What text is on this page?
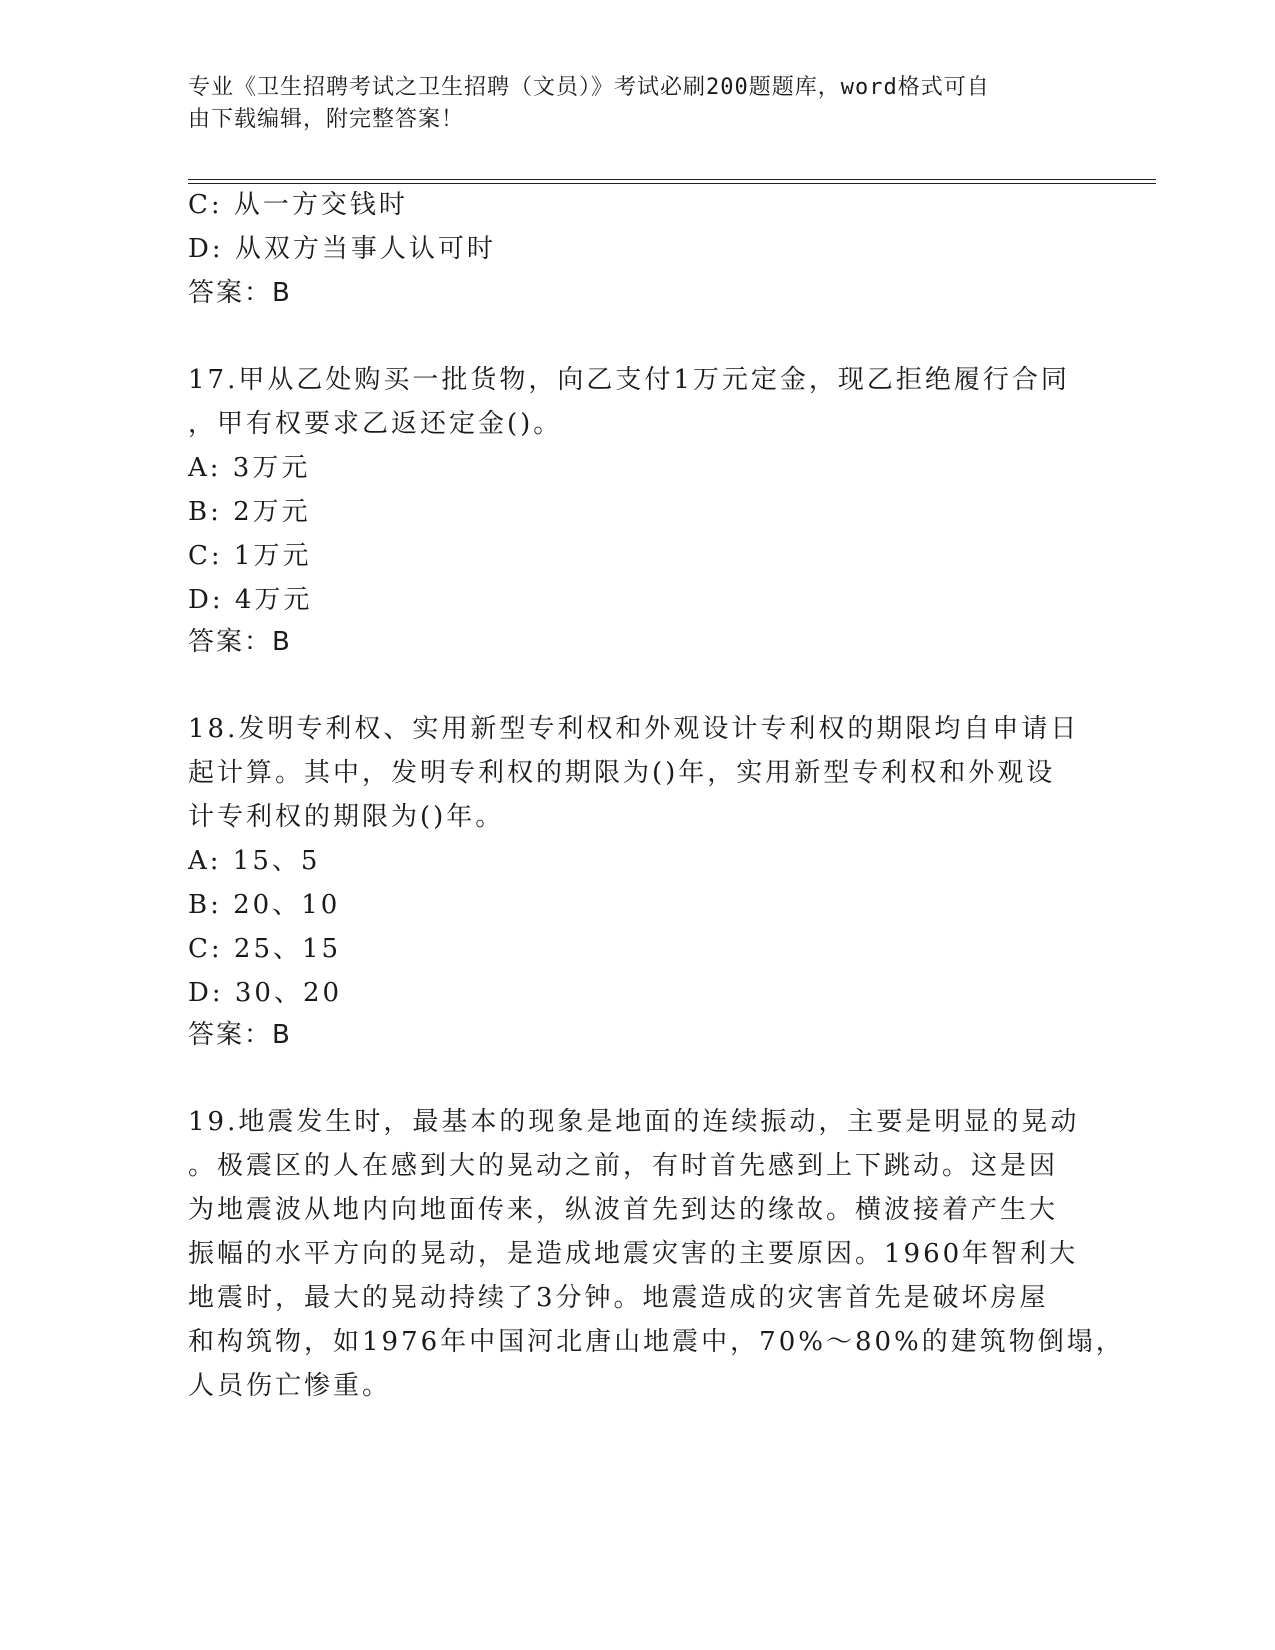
专业《卫生招聘考试之卫生招聘（文员）》考试必刷200题题库，word格式可自
由下载编辑，附完整答案！
C: 从一方交钱时
D: 从双方当事人认可时
答案：B
17.甲从乙处购买一批货物，向乙支付1万元定金，现乙拒绝履行合同
，甲有权要求乙返还定金()。
A: 3万元
B: 2万元
C: 1万元
D: 4万元
答案：B
18.发明专利权、实用新型专利权和外观设计专利权的期限均自申请日
起计算。其中，发明专利权的期限为()年，实用新型专利权和外观设
计专利权的期限为()年。
A: 15、5
B: 20、10
C: 25、15
D: 30、20
答案：B
19.地震发生时，最基本的现象是地面的连续振动，主要是明显的晃动
。极震区的人在感到大的晃动之前，有时首先感到上下跳动。这是因
为地震波从地内向地面传来，纵波首先到达的缘故。横波接着产生大
振幅的水平方向的晃动，是造成地震灾害的主要原因。1960年智利大
地震时，最大的晃动持续了3分钟。地震造成的灾害首先是破坏房屋
和构筑物，如1976年中国河北唐山地震中，70%～80%的建筑物倒塌，
人员伤亡惨重。
